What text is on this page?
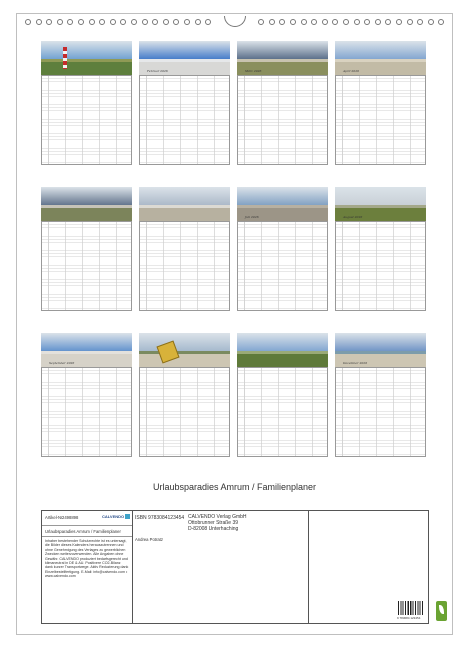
Februar 2026	März 2026	April 2026
Juli 2026	August 2026
September 2026	Dezember 2026
Urlaubsparadies Amrum / Familienplaner
Artikel-Nr.
2498898	CALVENDO
Urlaubsparadies Amrum / Familienplaner
Inhaber bestehender Schutzrechte ist es untersagt, die Bilder dieses Kalenders herauszutrennen und ohne Genehmigung des Verlages zu gewerblichen Zwecken weiterzuverwenden. Alle Angaben ohne Gewähr. CALVENDO produziert bedarfsgerecht und klimaneutral in DE & AU. Positivere CO2-Bilanz dank kurzer Transportwege. Aktiv Reduzierung dank Einzelbestellfertigung. E-Mail: info@calvendo.com • www.calvendo.com
ISBN 9783084123454
Andrea Potratz
CALVENDO Verlag GmbH
Ottobrunner Straße 39
D-82008 Unterhaching
9 783084 123454
